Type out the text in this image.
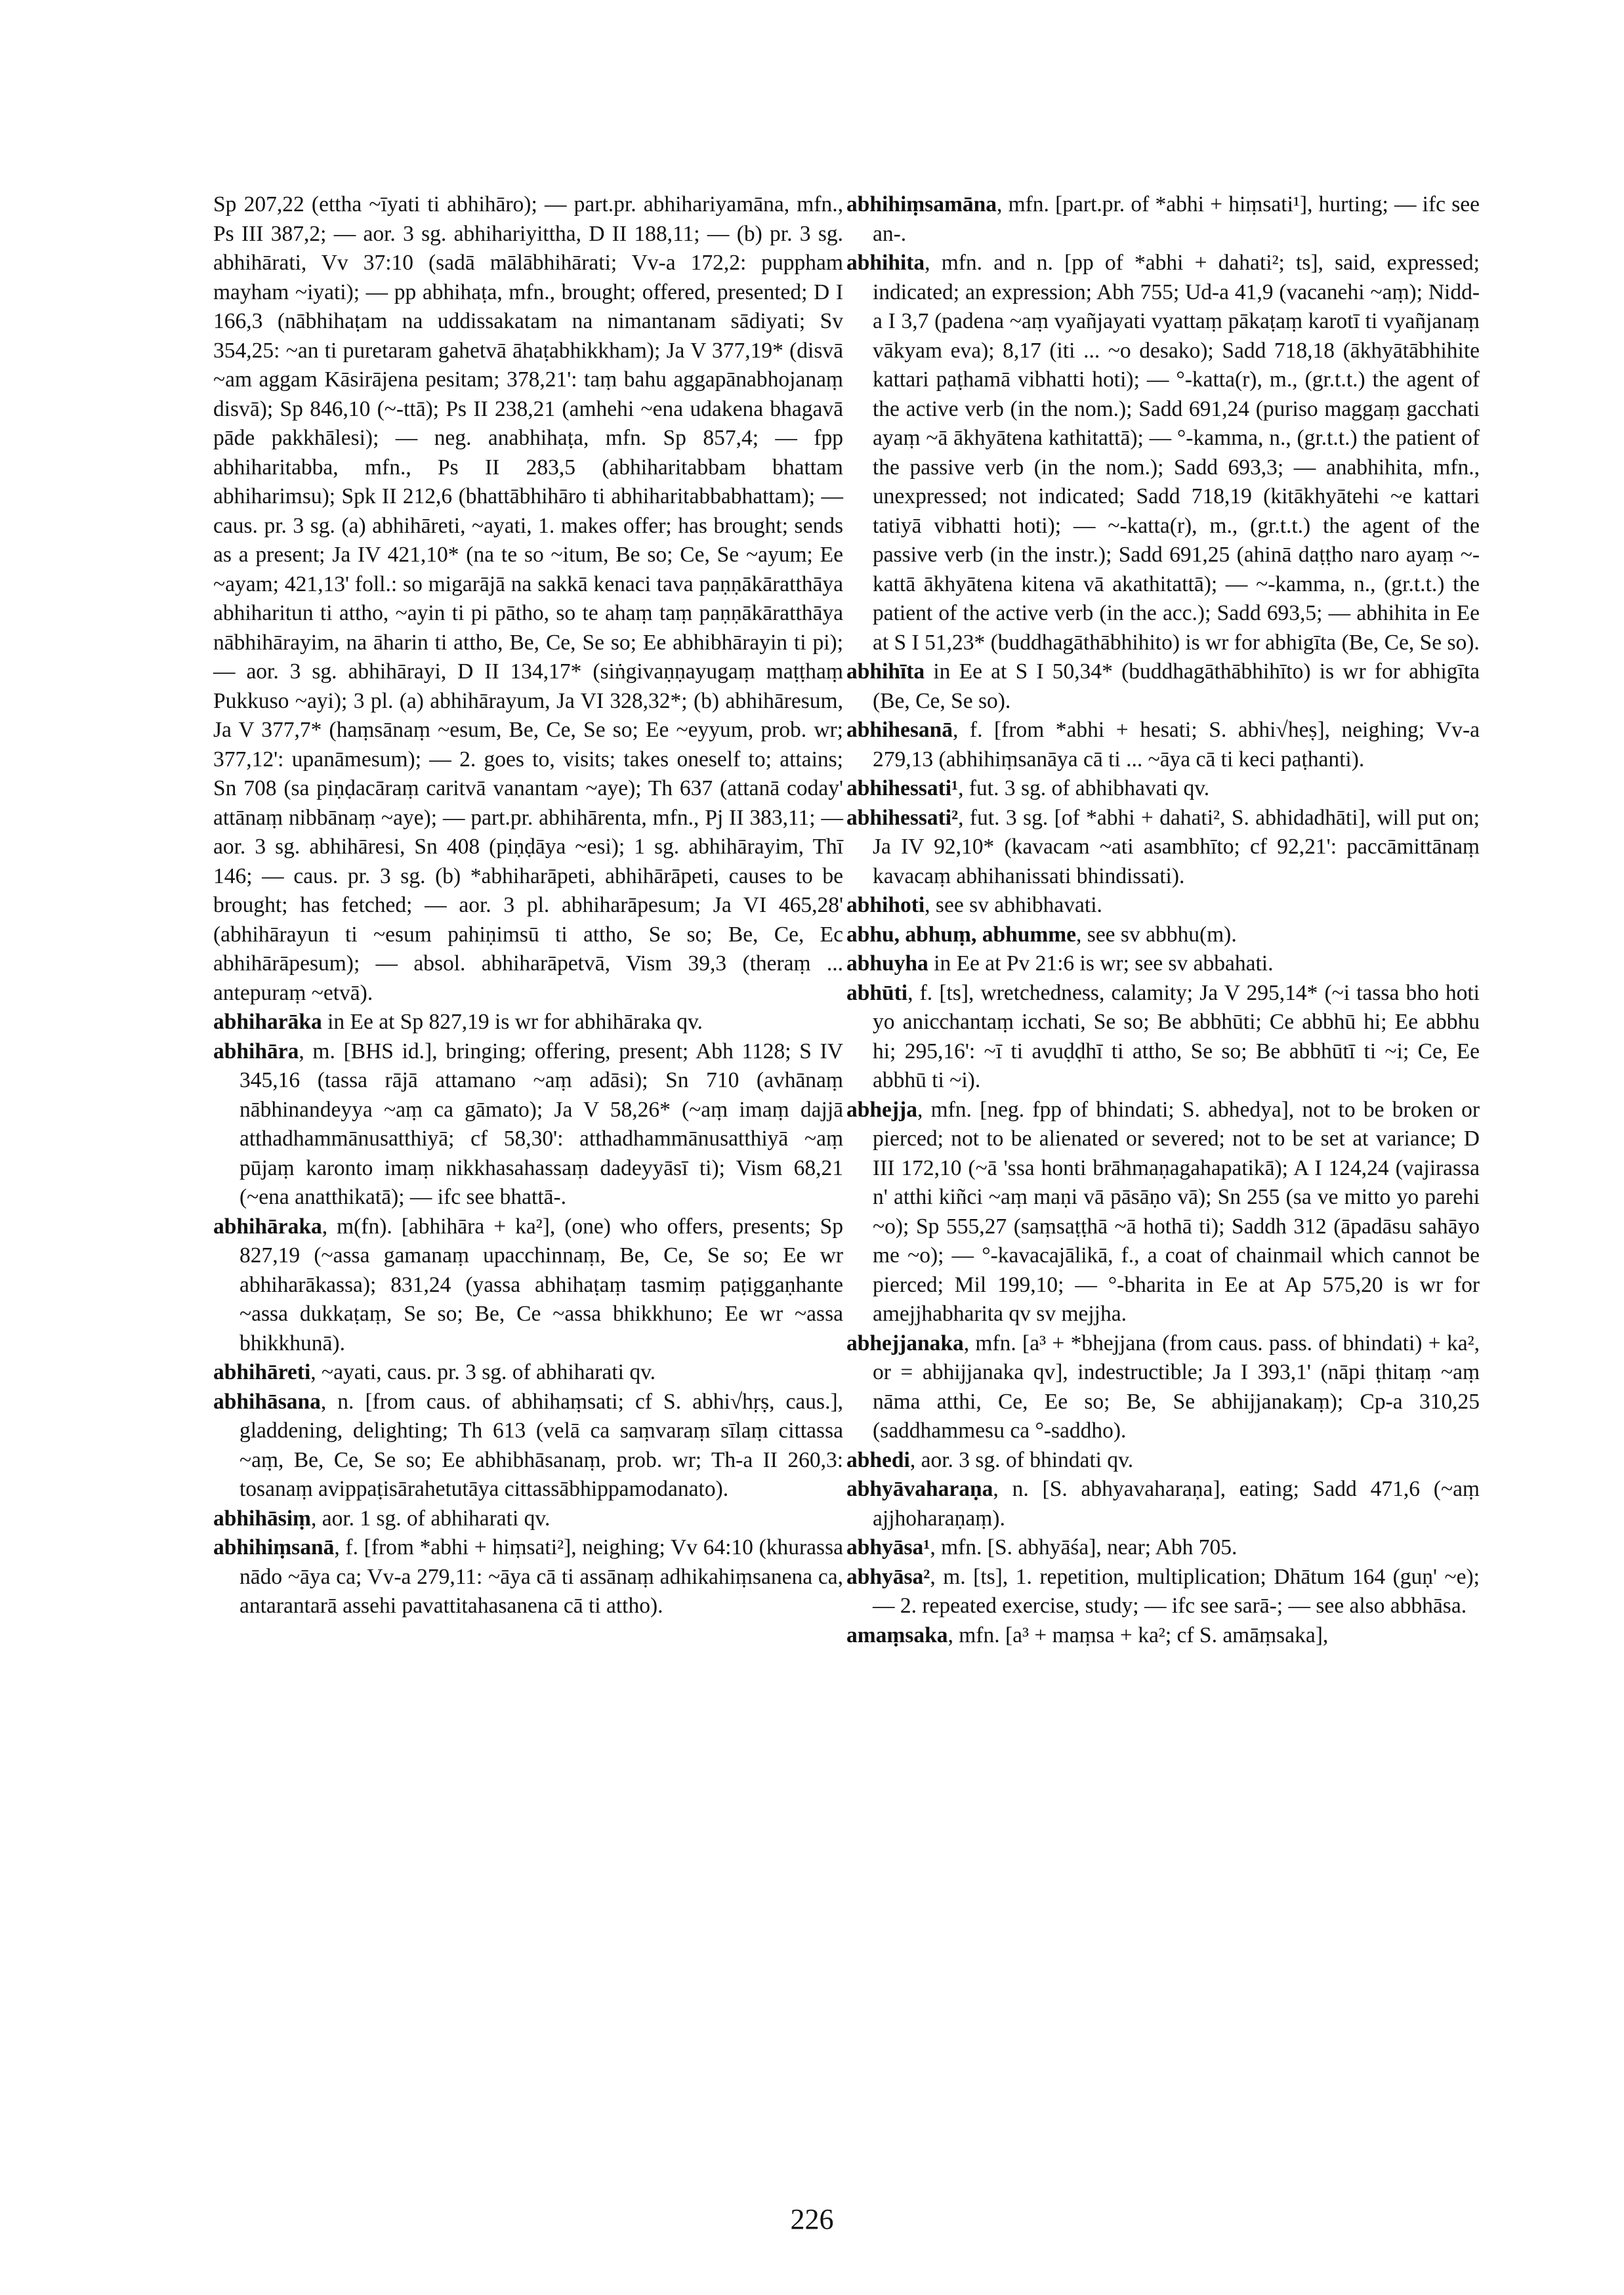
Sp 207,22 (ettha ~īyati ti abhihāro); — part.pr. abhihariyamāna, mfn., Ps III 387,2; — aor. 3 sg. abhihariyittha, D II 188,11; — (b) pr. 3 sg. abhihārati, Vv 37:10 (sadā mālābhihārati; Vv-a 172,2: puppham mayham ~iyati); — pp abhihaṭa, mfn., brought; offered, presented; D I 166,3 (nābhihaṭam na uddissakatam na nimantanam sādiyati; Sv 354,25: ~an ti puretaram gahetvā āhaṭabhikkham); Ja V 377,19* (disvā ~am aggam Kāsirājena pesitam; 378,21': taṃ bahu aggapānabhojanaṃ disvā); Sp 846,10 (~-ttā); Ps II 238,21 (amhehi ~ena udakena bhagavā pāde pakkhālesi); — neg. anabhihaṭa, mfn. Sp 857,4; — fpp abhiharitabba, mfn., Ps II 283,5 (abhiharitabbam bhattam abhiharimsu); Spk II 212,6 (bhattābhihāro ti abhiharitabbabhattam); — caus. pr. 3 sg. (a) abhihāreti, ~ayati, 1. makes offer; has brought; sends as a present; Ja IV 421,10* (na te so ~itum, Be so; Ce, Se ~ayum; Ee ~ayam; 421,13' foll.: so migarājā na sakkā kenaci tava paṇṇākāratthāya abhiharitun ti attho, ~ayin ti pi pātho, so te ahaṃ taṃ paṇṇākāratthāya nābhihārayim, na āharin ti attho, Be, Ce, Se so; Ee abhibhārayin ti pi); — aor. 3 sg. abhihārayi, D II 134,17* (siṅgivaṇṇayugaṃ maṭṭhaṃ Pukkuso ~ayi); 3 pl. (a) abhihārayum, Ja VI 328,32*; (b) abhihāresum, Ja V 377,7* (haṃsānaṃ ~esum, Be, Ce, Se so; Ee ~eyyum, prob. wr; 377,12': upanāmesum); — 2. goes to, visits; takes oneself to; attains; Sn 708 (sa piṇḍacāraṃ caritvā vanantam ~aye); Th 637 (attanā coday' attānaṃ nibbānaṃ ~aye); — part.pr. abhihārenta, mfn., Pj II 383,11; — aor. 3 sg. abhihāresi, Sn 408 (piṇḍāya ~esi); 1 sg. abhihārayim, Thī 146; — caus. pr. 3 sg. (b) *abhiharāpeti, abhihārāpeti, causes to be brought; has fetched; — aor. 3 pl. abhiharāpesum; Ja VI 465,28' (abhihārayun ti ~esum pahiṇimsū ti attho, Se so; Be, Ce, Ec abhihārāpesum); — absol. abhiharāpetvā, Vism 39,3 (theraṃ ... antepuraṃ ~etvā).

abhiharāka in Ee at Sp 827,19 is wr for abhihāraka qv.

abhihāra, m. [BHS id.], bringing; offering, present; Abh 1128; S IV 345,16 (tassa rājā attamano ~aṃ adāsi); Sn 710 (avhānaṃ nābhinandeyya ~aṃ ca gāmato); Ja V 58,26* (~aṃ imaṃ dajjā atthadhammānusatthiyā; cf 58,30': atthadhammānusatthiyā ~aṃ pūjaṃ karonto imaṃ nikkhasahassaṃ dadeyyāsī ti); Vism 68,21 (~ena anatthikatā); — ifc see bhattā-.

abhihāraka, m(fn). [abhihāra + ka²], (one) who offers, presents; Sp 827,19 (~assa gamanaṃ upacchinnaṃ, Be, Ce, Se so; Ee wr abhiharākassa); 831,24 (yassa abhihaṭaṃ tasmiṃ paṭiggaṇhante ~assa dukkaṭaṃ, Se so; Be, Ce ~assa bhikkhuno; Ee wr ~assa bhikkhunā).

abhihāreti, ~ayati, caus. pr. 3 sg. of abhiharati qv.

abhihāsana, n. [from caus. of abhihaṃsati; cf S. abhi√hṛṣ, caus.], gladdening, delighting; Th 613 (velā ca saṃvaraṃ sīlaṃ cittassa ~aṃ, Be, Ce, Se so; Ee abhibhāsanaṃ, prob. wr; Th-a II 260,3: tosanaṃ avippaṭisārahetutāya cittassābhippamodanato).

abhihāsiṃ, aor. 1 sg. of abhiharati qv.

abhihiṃsanā, f. [from *abhi + hiṃsati²], neighing; Vv 64:10 (khurassa nādo ~āya ca; Vv-a 279,11: ~āya cā ti assānaṃ adhikahiṃsanena ca, antarantarā assehi pavattitahasanena cā ti attho).

abhihiṃsamāna, mfn. [part.pr. of *abhi + hiṃsati¹], hurting; — ifc see an-.

abhihita, mfn. and n. [pp of *abhi + dahati²; ts], said, expressed; indicated; an expression; Abh 755; Ud-a 41,9 (vacanehi ~aṃ); Nidd-a I 3,7 (padena ~aṃ vyañjayati vyattaṃ pākaṭaṃ karotī ti vyañjanaṃ vākyam eva); 8,17 (iti ... ~o desako); Sadd 718,18 (ākhyātābhihite kattari paṭhamā vibhatti hoti); — °-katta(r), m., (gr.t.t.) the agent of the active verb (in the nom.); Sadd 691,24 (puriso maggaṃ gacchati ayaṃ ~ā ākhyātena kathitattā); — °-kamma, n., (gr.t.t.) the patient of the passive verb (in the nom.); Sadd 693,3; — anabhihita, mfn., unexpressed; not indicated; Sadd 718,19 (kitākhyātehi ~e kattari tatiyā vibhatti hoti); — ~-katta(r), m., (gr.t.t.) the agent of the passive verb (in the instr.); Sadd 691,25 (ahinā daṭṭho naro ayaṃ ~-kattā ākhyātena kitena vā akathitattā); — ~-kamma, n., (gr.t.t.) the patient of the active verb (in the acc.); Sadd 693,5; — abhihita in Ee at S I 51,23* (buddhagāthābhihito) is wr for abhigīta (Be, Ce, Se so).

abhihīta in Ee at S I 50,34* (buddhagāthābhihīto) is wr for abhigīta (Be, Ce, Se so).

abhihesanā, f. [from *abhi + hesati; S. abhi√heṣ], neighing; Vv-a 279,13 (abhihiṃsanāya cā ti ... ~āya cā ti keci paṭhanti).

abhihessati¹, fut. 3 sg. of abhibhavati qv.

abhihessati², fut. 3 sg. [of *abhi + dahati², S. abhidadhāti], will put on; Ja IV 92,10* (kavacam ~ati asambhīto; cf 92,21': paccāmittānaṃ kavacaṃ abhihanissati bhindissati).

abhihoti, see sv abhibhavati.

abhu, abhuṃ, abhumme, see sv abbhu(m).

abhuyha in Ee at Pv 21:6 is wr; see sv abbahati.

abhūti, f. [ts], wretchedness, calamity; Ja V 295,14* (~i tassa bho hoti yo anicchantaṃ icchati, Se so; Be abbhūti; Ce abbhū hi; Ee abbhu hi; 295,16': ~ī ti avuḍḍhī ti attho, Se so; Be abbhūtī ti ~i; Ce, Ee abbhū ti ~i).

abhejja, mfn. [neg. fpp of bhindati; S. abhedya], not to be broken or pierced; not to be alienated or severed; not to be set at variance; D III 172,10 (~ā 'ssa honti brāhmaṇagahapatikā); A I 124,24 (vajirassa n' atthi kiñci ~aṃ maṇi vā pāsāṇo vā); Sn 255 (sa ve mitto yo parehi ~o); Sp 555,27 (saṃsaṭṭhā ~ā hothā ti); Saddh 312 (āpadāsu sahāyo me ~o); — °-kavacajālikā, f., a coat of chainmail which cannot be pierced; Mil 199,10; — °-bharita in Ee at Ap 575,20 is wr for amejjhabharita qv sv mejjha.

abhejjanaka, mfn. [a³ + *bhejjana (from caus. pass. of bhindati) + ka², or = abhijjanaka qv], indestructible; Ja I 393,1' (nāpi ṭhitaṃ ~aṃ nāma atthi, Ce, Ee so; Be, Se abhijjanakaṃ); Cp-a 310,25 (saddhammesu ca °-saddho).

abhedi, aor. 3 sg. of bhindati qv.

abhyāvaharaṇa, n. [S. abhyavaharaṇa], eating; Sadd 471,6 (~aṃ ajjhoharaṇaṃ).

abhyāsa¹, mfn. [S. abhyāśa], near; Abh 705.

abhyāsa², m. [ts], 1. repetition, multiplication; Dhātum 164 (guṇ' ~e); — 2. repeated exercise, study; — ifc see sarā-; — see also abbhāsa.

amaṃsaka, mfn. [a³ + maṃsa + ka²; cf S. amāṃsaka],

226
